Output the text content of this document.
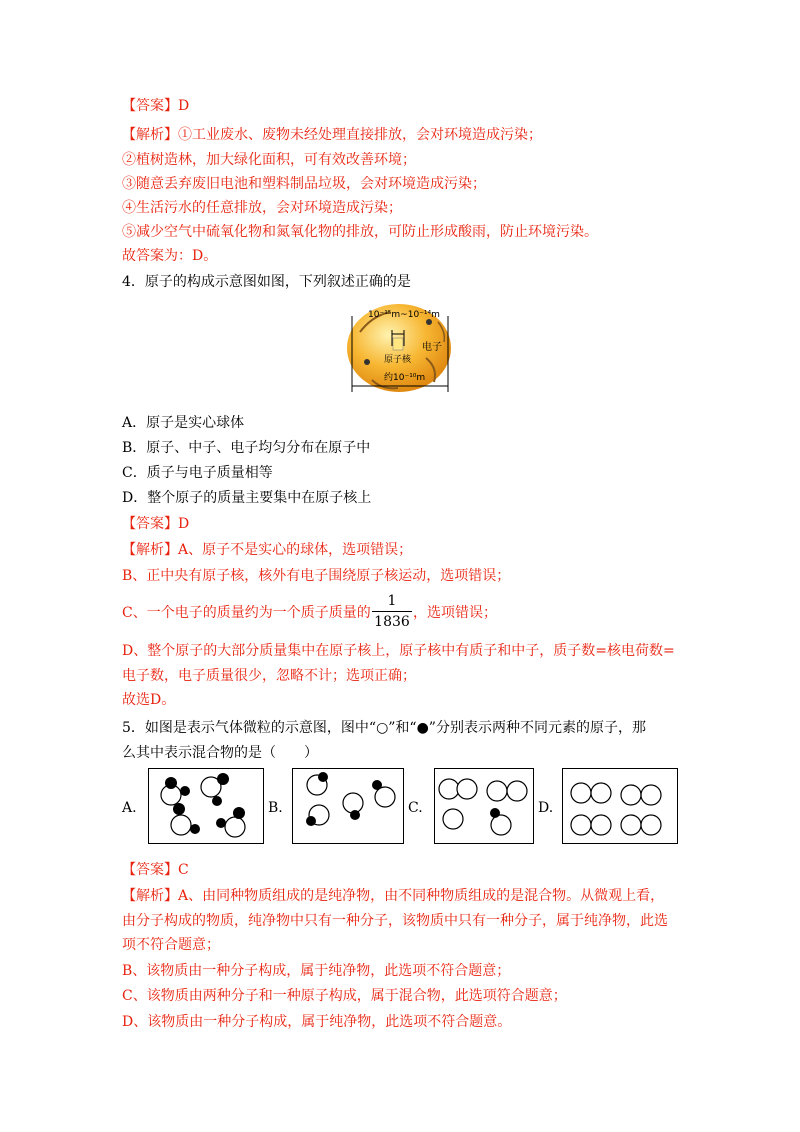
【答案】D
【解析】①工业废水、废物未经处理直接排放，会对环境造成污染；
②植树造林，加大绿化面积，可有效改善环境；
③随意丢弃废旧电池和塑料制品垃圾，会对环境造成污染；
④生活污水的任意排放，会对环境造成污染；
⑤减少空气中硫氧化物和氮氧化物的排放，可防止形成酸雨，防止环境污染。
故答案为：D。
4．原子的构成示意图如图，下列叙述正确的是
10⁻¹⁵m~10⁻¹⁴m
电子
原子核
约10⁻¹⁰m
A．原子是实心球体
B．原子、中子、电子均匀分布在原子中
C．质子与电子质量相等
D．整个原子的质量主要集中在原子核上
【答案】D
【解析】A、原子不是实心的球体，选项错误；
B、正中央有原子核，核外有电子围绕原子核运动，选项错误；
C、一个电子的质量约为一个质子质量的
1
1836
，选项错误；
D、整个原子的大部分质量集中在原子核上，原子核中有质子和中子，质子数=核电荷数=
电子数，电子质量很少，忽略不计；选项正确；
故选D。
5．如图是表示气体微粒的示意图，图中“○”和“●”分别表示两种不同元素的原子，那
么其中表示混合物的是（　　）
A.	B.	C.	D.
【答案】C
【解析】A、由同种物质组成的是纯净物，由不同种物质组成的是混合物。从微观上看，
由分子构成的物质，纯净物中只有一种分子，该物质中只有一种分子，属于纯净物，此选
项不符合题意；
B、该物质由一种分子构成，属于纯净物，此选项不符合题意；
C、该物质由两种分子和一种原子构成，属于混合物，此选项符合题意；
D、该物质由一种分子构成，属于纯净物，此选项不符合题意。
